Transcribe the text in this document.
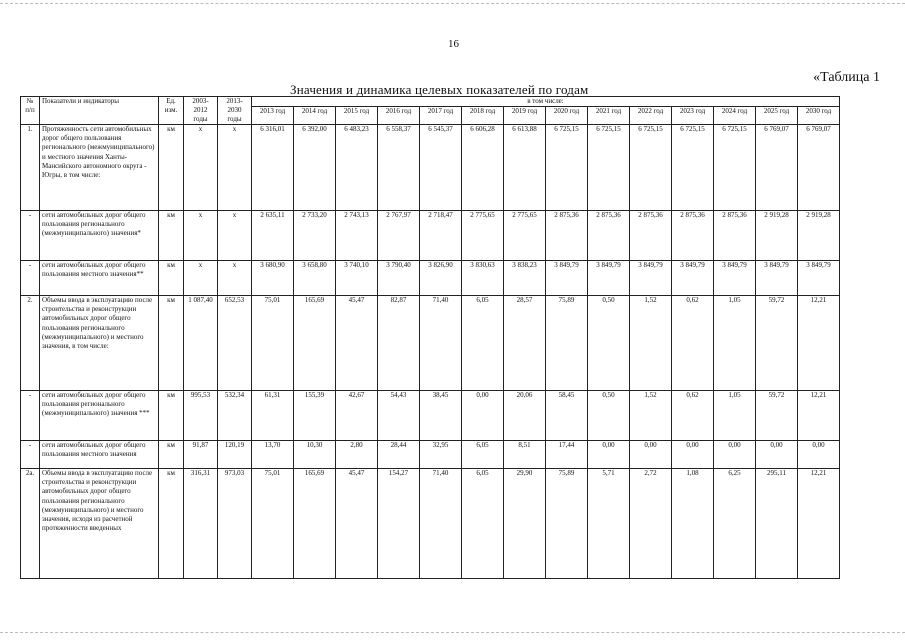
16
«Таблица 1
Значения и динамика целевых показателей по годам
№ п/п	Показатели и индикаторы	Ед. изм.	2003-2012 годы	2013-2030 годы	в том числе:													
					2013 год	2014 год	2015 год	2016 год	2017 год	2018 год	2019 год	2020 год	2021 год	2022 год	2023 год	2024 год	2025 год	2030 год
1.	Протяженность сети автомобильных дорог общего пользования регионального (межмуниципального) и местного значения Ханты-Мансийского автономного округа - Югры, в том числе:	км	x	x	6 316,01	6 392,00	6 483,23	6 558,37	6 545,37	6 606,28	6 613,88	6 725,15	6 725,15	6 725,15	6 725,15	6 725,15	6 769,07	6 769,07
-	сети автомобильных дорог общего пользования регионального (межмуниципального) значения*	км	x	x	2 635,11	2 733,20	2 743,13	2 767,97	2 718,47	2 775,65	2 775,65	2 875,36	2 875,36	2 875,36	2 875,36	2 875,36	2 919,28	2 919,28
-	сети автомобильных дорог общего пользования местного значения**	км	x	x	3 680,90	3 658,80	3 740,10	3 790,40	3 826,90	3 830,63	3 838,23	3 849,79	3 849,79	3 849,79	3 849,79	3 849,79	3 849,79	3 849,79
2.	Объемы ввода в эксплуатацию после строительства и реконструкции автомобильных дорог общего пользования регионального (межмуниципального) и местного значения, в том числе:	км	1 087,40	652,53	75,01	165,69	45,47	82,87	71,40	6,05	28,57	75,89	0,50	1,52	0,62	1,05	59,72	12,21
-	сети автомобильных дорог общего пользования регионального (межмуниципального) значения ***	км	995,53	532,34	61,31	155,39	42,67	54,43	38,45	0,00	20,06	58,45	0,50	1,52	0,62	1,05	59,72	12,21
-	сети автомобильных дорог общего пользования местного значения	км	91,87	120,19	13,70	10,30	2,80	28,44	32,95	6,05	8,51	17,44	0,00	0,00	0,00	0,00	0,00	0,00
2а.	Объемы ввода в эксплуатацию после строительства и реконструкции автомобильных дорог общего пользования регионального (межмуниципального) и местного значения, исходя из расчетной протяженности введенных	км	316,31	973,03	75,01	165,69	45,47	154,27	71,40	6,05	29,90	75,89	5,71	2,72	1,08	6,25	295,11	12,21
